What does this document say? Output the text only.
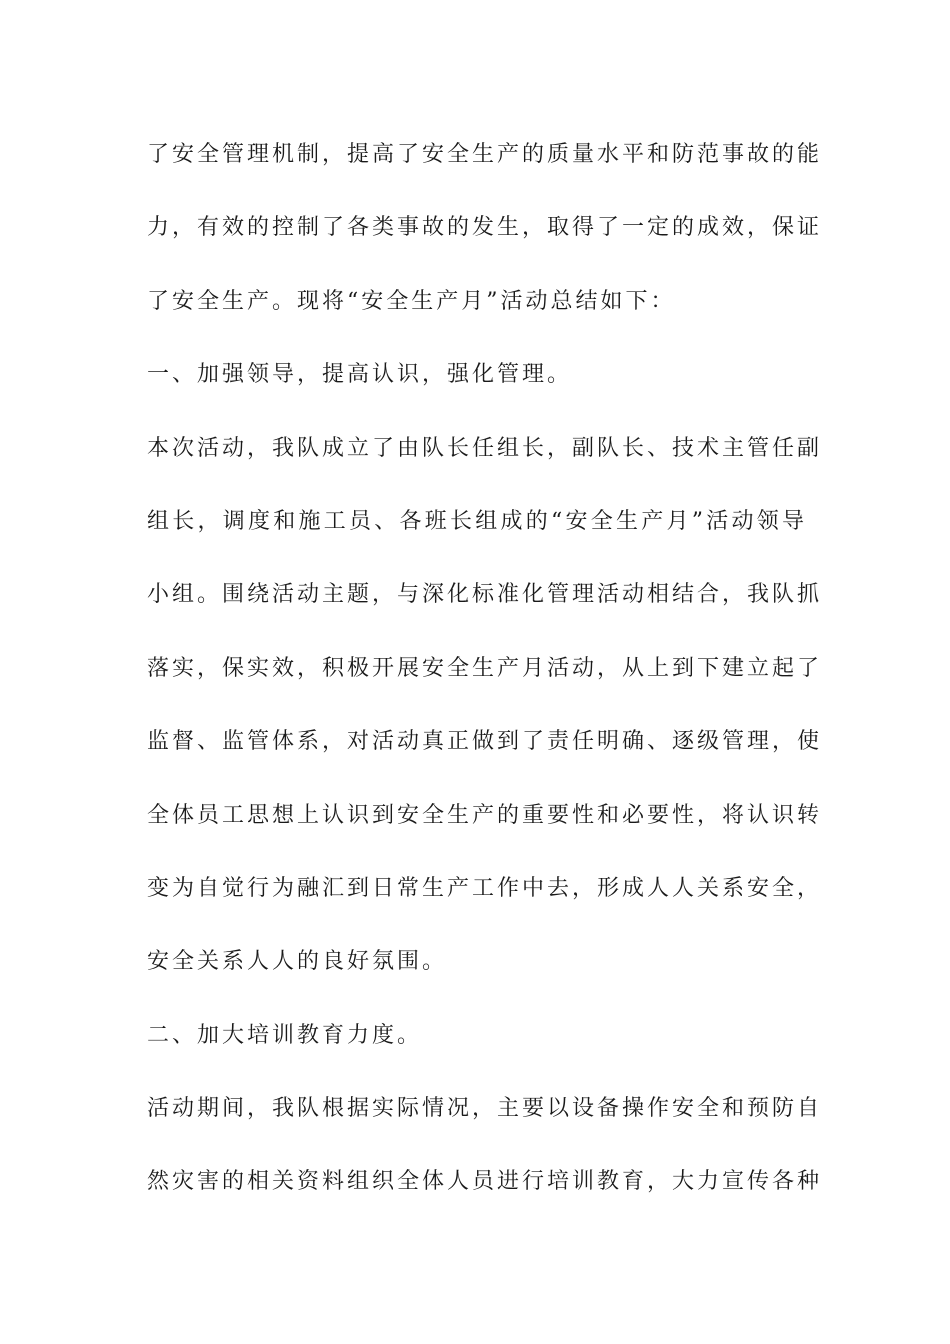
了安全管理机制，提高了安全生产的质量水平和防范事故的能
力，有效的控制了各类事故的发生，取得了一定的成效，保证
了安全生产。现将“安全生产月”活动总结如下：
一、加强领导，提高认识，强化管理。
本次活动，我队成立了由队长任组长，副队长、技术主管任副
组长，调度和施工员、各班长组成的“安全生产月”活动领导
小组。围绕活动主题，与深化标准化管理活动相结合，我队抓
落实，保实效，积极开展安全生产月活动，从上到下建立起了
监督、监管体系，对活动真正做到了责任明确、逐级管理，使
全体员工思想上认识到安全生产的重要性和必要性，将认识转
变为自觉行为融汇到日常生产工作中去，形成人人关系安全，
安全关系人人的良好氛围。
二、加大培训教育力度。
活动期间，我队根据实际情况，主要以设备操作安全和预防自
然灾害的相关资料组织全体人员进行培训教育，大力宣传各种
